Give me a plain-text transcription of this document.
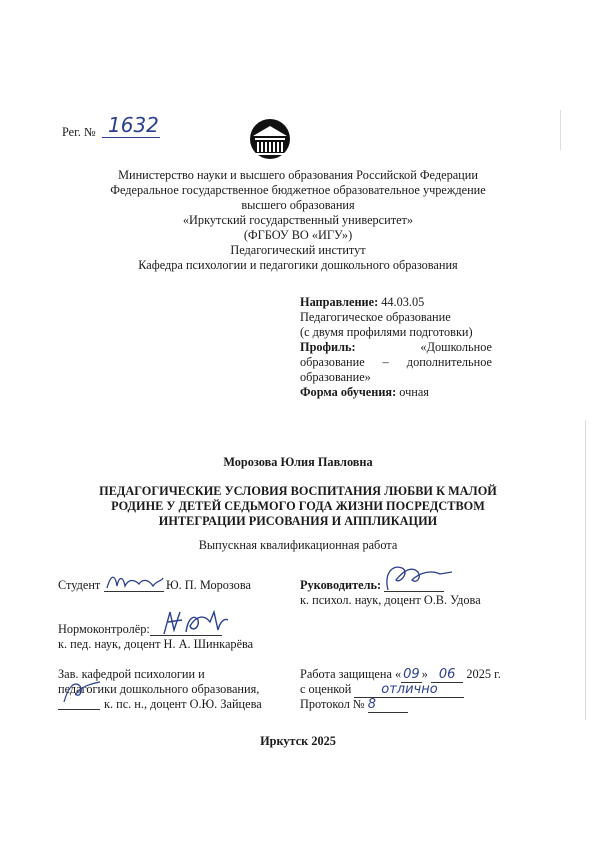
Рег. № 1632
Министерство науки и высшего образования Российской Федерации
Федеральное государственное бюджетное образовательное учреждение
высшего образования
«Иркутский государственный университет»
(ФГБОУ ВО «ИГУ»)
Педагогический институт
Кафедра психологии и педагогики дошкольного образования
Направление: 44.03.05
Педагогическое образование
(с двумя профилями подготовки)
Профиль:	«Дошкольное
образование – дополнительное
образование»
Форма обучения: очная
Морозова Юлия Павловна
ПЕДАГОГИЧЕСКИЕ УСЛОВИЯ ВОСПИТАНИЯ ЛЮБВИ К МАЛОЙ
РОДИНЕ У ДЕТЕЙ СЕДЬМОГО ГОДА ЖИЗНИ ПОСРЕДСТВОМ
ИНТЕГРАЦИИ РИСОВАНИЯ И АППЛИКАЦИИ
Выпускная квалификационная работа
Студент	Ю. П. Морозова	Руководитель:
к. психол. наук, доцент О.В. Удова
Нормоконтролёр:
к. пед. наук, доцент Н. А. Шинкарёва
Зав. кафедрой психологии и
педагогики дошкольного образования,
к. пс. н., доцент О.Ю. Зайцева
Работа защищена « 09 » 06 2025 г.
с оценкой отлично
Протокол № 8
Иркутск 2025
